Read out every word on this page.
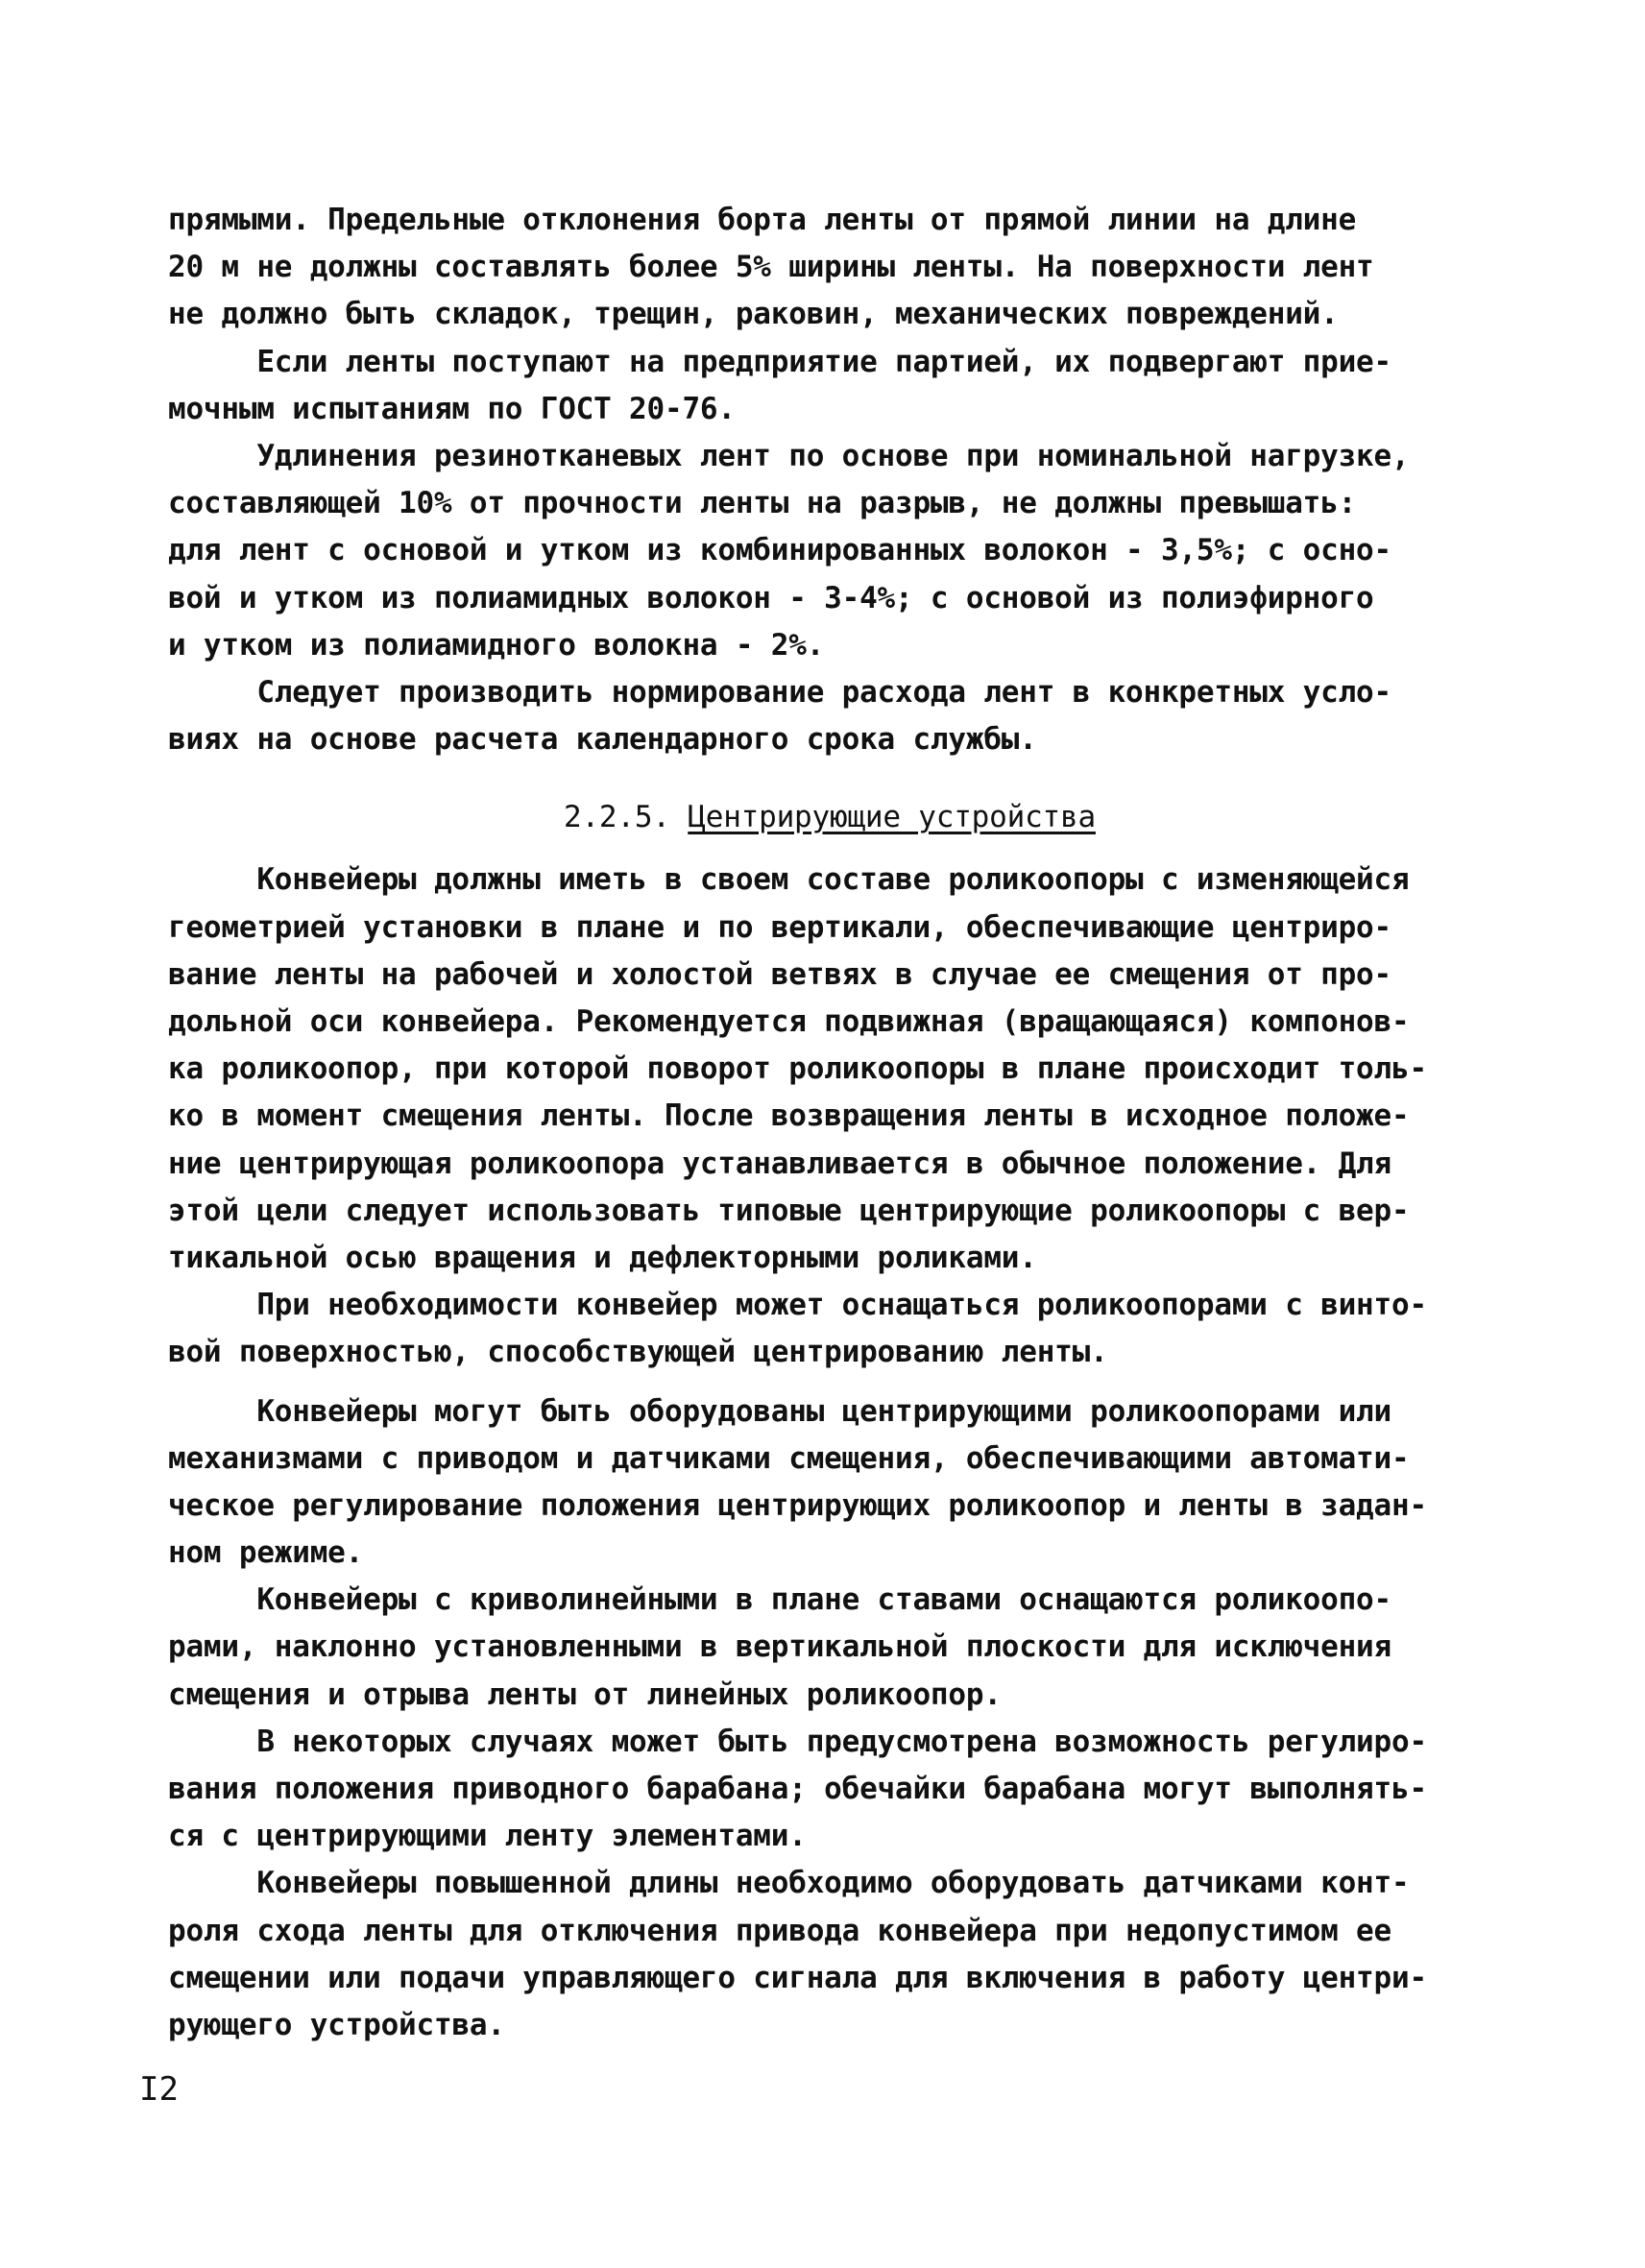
прямыми. Предельные отклонения борта ленты от прямой линии на длине
20 м не должны составлять более 5% ширины ленты. На поверхности лент
не должно быть складок, трещин, раковин, механических повреждений.
Если ленты поступают на предприятие партией, их подвергают прие-
мочным испытаниям по ГОСТ 20-76.
Удлинения резинотканевых лент по основе при номинальной нагрузке,
составляющей 10% от прочности ленты на разрыв, не должны превышать:
для лент с основой и утком из комбинированных волокон - 3,5%; с осно-
вой и утком из полиамидных волокон - 3-4%; с основой из полиэфирного
и утком из полиамидного волокна - 2%.
Следует производить нормирование расхода лент в конкретных усло-
виях на основе расчета календарного срока службы.
2.2.5. Центрирующие устройства
Конвейеры должны иметь в своем составе роликоопоры с изменяющейся
геометрией установки в плане и по вертикали, обеспечивающие центриро-
вание ленты на рабочей и холостой ветвях в случае ее смещения от про-
дольной оси конвейера. Рекомендуется подвижная (вращающаяся) компонов-
ка роликоопор, при которой поворот роликоопоры в плане происходит толь-
ко в момент смещения ленты. После возвращения ленты в исходное положе-
ние центрирующая роликоопора устанавливается в обычное положение. Для
этой цели следует использовать типовые центрирующие роликоопоры с вер-
тикальной осью вращения и дефлекторными роликами.
При необходимости конвейер может оснащаться роликоопорами с винто-
вой поверхностью, способствующей центрированию ленты.
Конвейеры могут быть оборудованы центрирующими роликоопорами или
механизмами с приводом и датчиками смещения, обеспечивающими автомати-
ческое регулирование положения центрирующих роликоопор и ленты в задан-
ном режиме.
Конвейеры с криволинейными в плане ставами оснащаются роликоопо-
рами, наклонно установленными в вертикальной плоскости для исключения
смещения и отрыва ленты от линейных роликоопор.
В некоторых случаях может быть предусмотрена возможность регулиро-
вания положения приводного барабана; обечайки барабана могут выполнять-
ся с центрирующими ленту элементами.
Конвейеры повышенной длины необходимо оборудовать датчиками конт-
роля схода ленты для отключения привода конвейера при недопустимом ее
смещении или подачи управляющего сигнала для включения в работу центри-
рующего устройства.
I2
